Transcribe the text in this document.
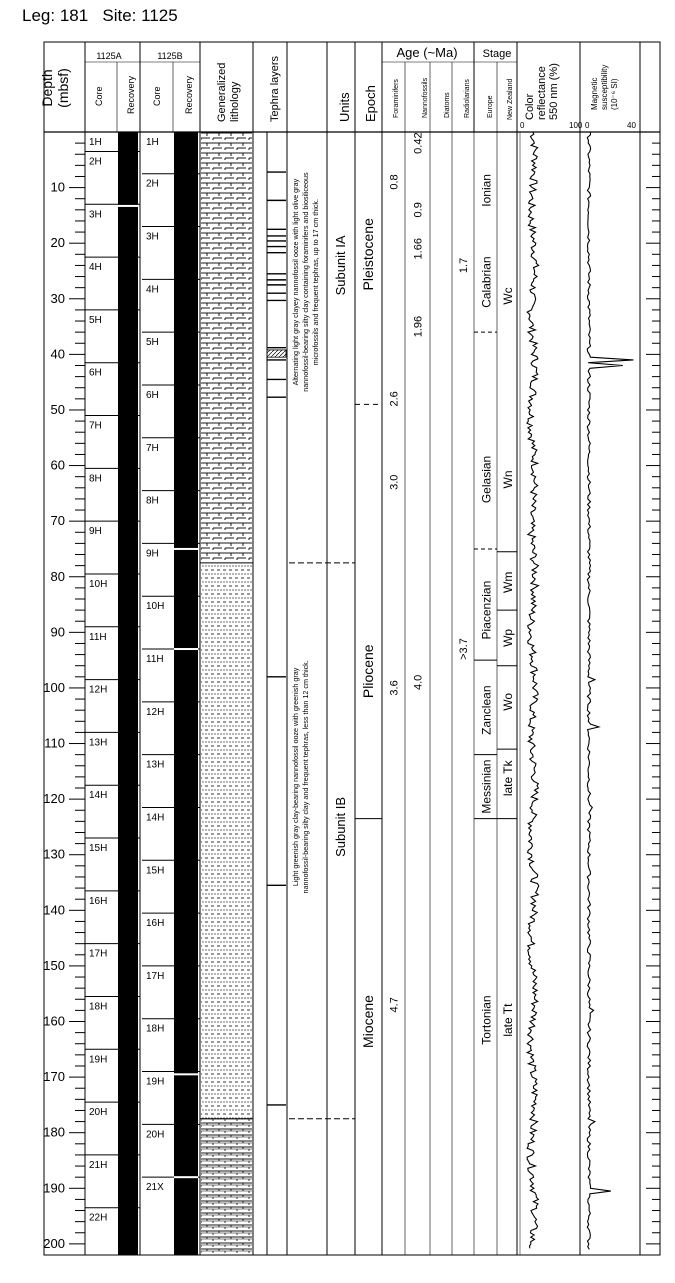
Leg: 181 Site: 1125
Depth (mbsf)
1125A	1125B
Core Recovery Core Recovery Generalized lithology	Tephra layers	Units Epoch
Age (~Ma)
Foraminifers	Nannofossils Diatoms Radiolarians
Stage
Europe New Zealand Color reflectance 550 nm (%)
0	100
Magnetic susceptibility (10⁻⁶ SI)
0	40
10
20
30
40
50
60
70
80
90
100
110
120
130
140
150
160
170
180
190
200
1H
2H
3H
4H
5H
6H
7H
8H
9H
10H
11H
12H
13H
14H
15H
16H
17H
18H
19H
20H
21H
22H
1H
2H
3H
4H
5H
6H
7H
8H
9H
10H
11H
12H
13H
14H
15H
16H
17H
18H
19H
20H
21X
Alternating light gray clayey nannofossil ooze with light olive gray nannofossil-bearing silty clay containing foraminifers and biosiliceous microfossils and frequent tephras, up to 17 cm thick.
Light greenish gray clay-bearing nannofossil ooze with greenish gray nannofossil-bearing silty clay and frequent tephras, less than 12 cm thick.
Subunit IA
Subunit IB
Pleistocene
Pliocene
Miocene
0.8
2.6
3.0
3.6
4.7
0.42
0.9
1.66
1.96
4.0
1.7
>3.7
Ionian
Calabrian
Gelasian
Piacenzian
Zanclean
Messinian
Tortonian
Wc
Wn
Wm
Wp
Wo
late Tk
late Tt
